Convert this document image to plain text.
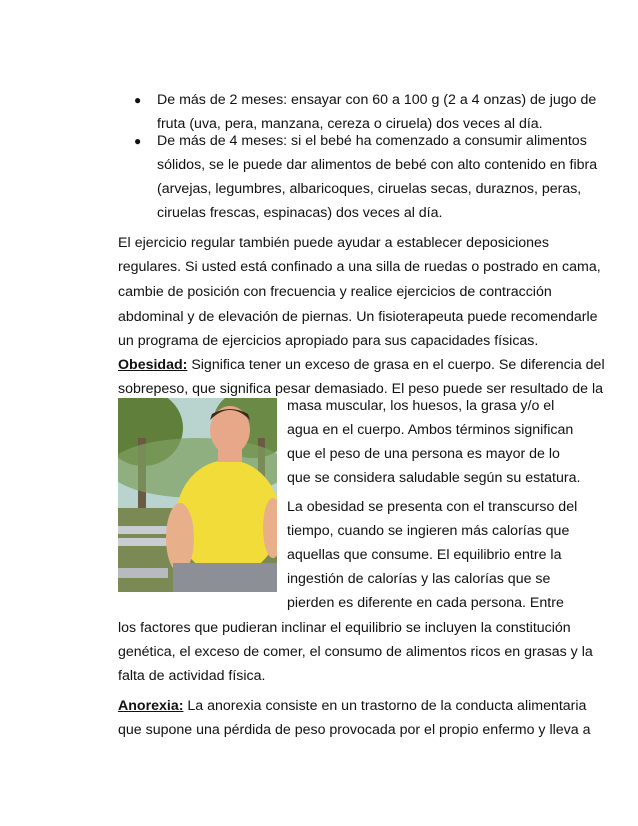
● De más de 2 meses: ensayar con 60 a 100 g (2 a 4 onzas) de jugo de
fruta (uva, pera, manzana, cereza o ciruela) dos veces al día.
● De más de 4 meses: si el bebé ha comenzado a consumir alimentos
sólidos, se le puede dar alimentos de bebé con alto contenido en fibra
(arvejas, legumbres, albaricoques, ciruelas secas, duraznos, peras,
ciruelas frescas, espinacas) dos veces al día.
El ejercicio regular también puede ayudar a establecer deposiciones
regulares. Si usted está confinado a una silla de ruedas o postrado en cama,
cambie de posición con frecuencia y realice ejercicios de contracción
abdominal y de elevación de piernas. Un fisioterapeuta puede recomendarle
un programa de ejercicios apropiado para sus capacidades físicas.
Obesidad: Significa tener un exceso de grasa en el cuerpo. Se diferencia del
sobrepeso, que significa pesar demasiado. El peso puede ser resultado de la
masa muscular, los huesos, la grasa y/o el
agua en el cuerpo. Ambos términos significan
que el peso de una persona es mayor de lo
que se considera saludable según su estatura.
La obesidad se presenta con el transcurso del
tiempo, cuando se ingieren más calorías que
aquellas que consume. El equilibrio entre la
ingestión de calorías y las calorías que se
pierden es diferente en cada persona. Entre
los factores que pudieran inclinar el equilibrio se incluyen la constitución
genética, el exceso de comer, el consumo de alimentos ricos en grasas y la
falta de actividad física.
Anorexia: La anorexia consiste en un trastorno de la conducta alimentaria
que supone una pérdida de peso provocada por el propio enfermo y lleva a
